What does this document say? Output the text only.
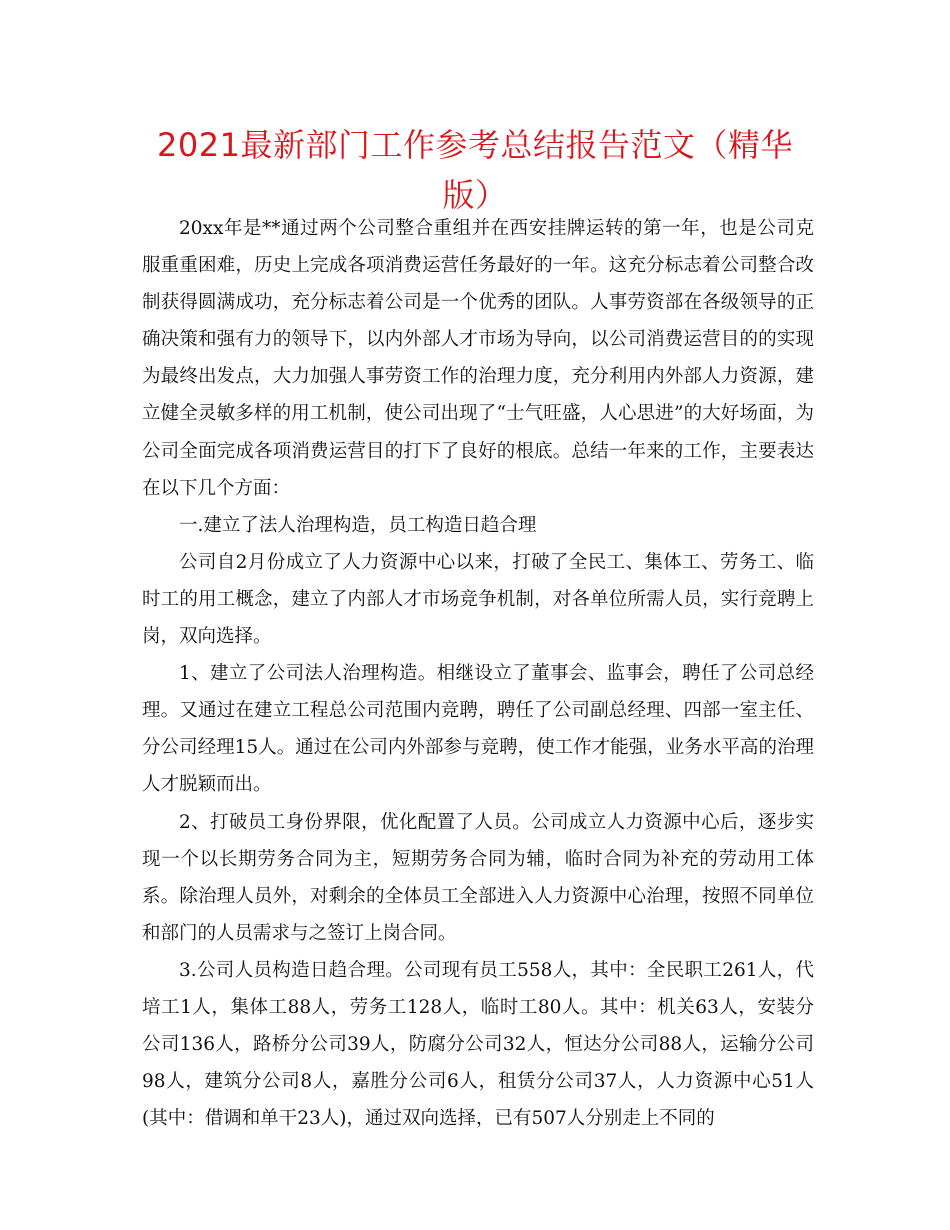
2021最新部门工作参考总结报告范文（精华版）

20xx年是**通过两个公司整合重组并在西安挂牌运转的第一年，也是公司克服重重困难，历史上完成各项消费运营任务最好的一年。这充分标志着公司整合改制获得圆满成功，充分标志着公司是一个优秀的团队。人事劳资部在各级领导的正确决策和强有力的领导下，以内外部人才市场为导向，以公司消费运营目的的实现为最终出发点，大力加强人事劳资工作的治理力度，充分利用内外部人力资源，建立健全灵敏多样的用工机制，使公司出现了“士气旺盛，人心思进”的大好场面，为公司全面完成各项消费运营目的打下了良好的根底。总结一年来的工作，主要表达在以下几个方面：

一.建立了法人治理构造，员工构造日趋合理

公司自2月份成立了人力资源中心以来，打破了全民工、集体工、劳务工、临时工的用工概念，建立了内部人才市场竞争机制，对各单位所需人员，实行竞聘上岗，双向选择。

1、建立了公司法人治理构造。相继设立了董事会、监事会，聘任了公司总经理。又通过在建立工程总公司范围内竞聘，聘任了公司副总经理、四部一室主任、分公司经理15人。通过在公司内外部参与竞聘，使工作才能强，业务水平高的治理人才脱颖而出。

2、打破员工身份界限，优化配置了人员。公司成立人力资源中心后，逐步实现一个以长期劳务合同为主，短期劳务合同为辅，临时合同为补充的劳动用工体系。除治理人员外，对剩余的全体员工全部进入人力资源中心治理，按照不同单位和部门的人员需求与之签订上岗合同。

3.公司人员构造日趋合理。公司现有员工558人，其中：全民职工261人，代培工1人，集体工88人，劳务工128人，临时工80人。其中：机关63人，安装分公司136人，路桥分公司39人，防腐分公司32人，恒达分公司88人，运输分公司98人，建筑分公司8人，嘉胜分公司6人，租赁分公司37人，人力资源中心51人(其中：借调和单干23人)，通过双向选择，已有507人分别走上不同的
